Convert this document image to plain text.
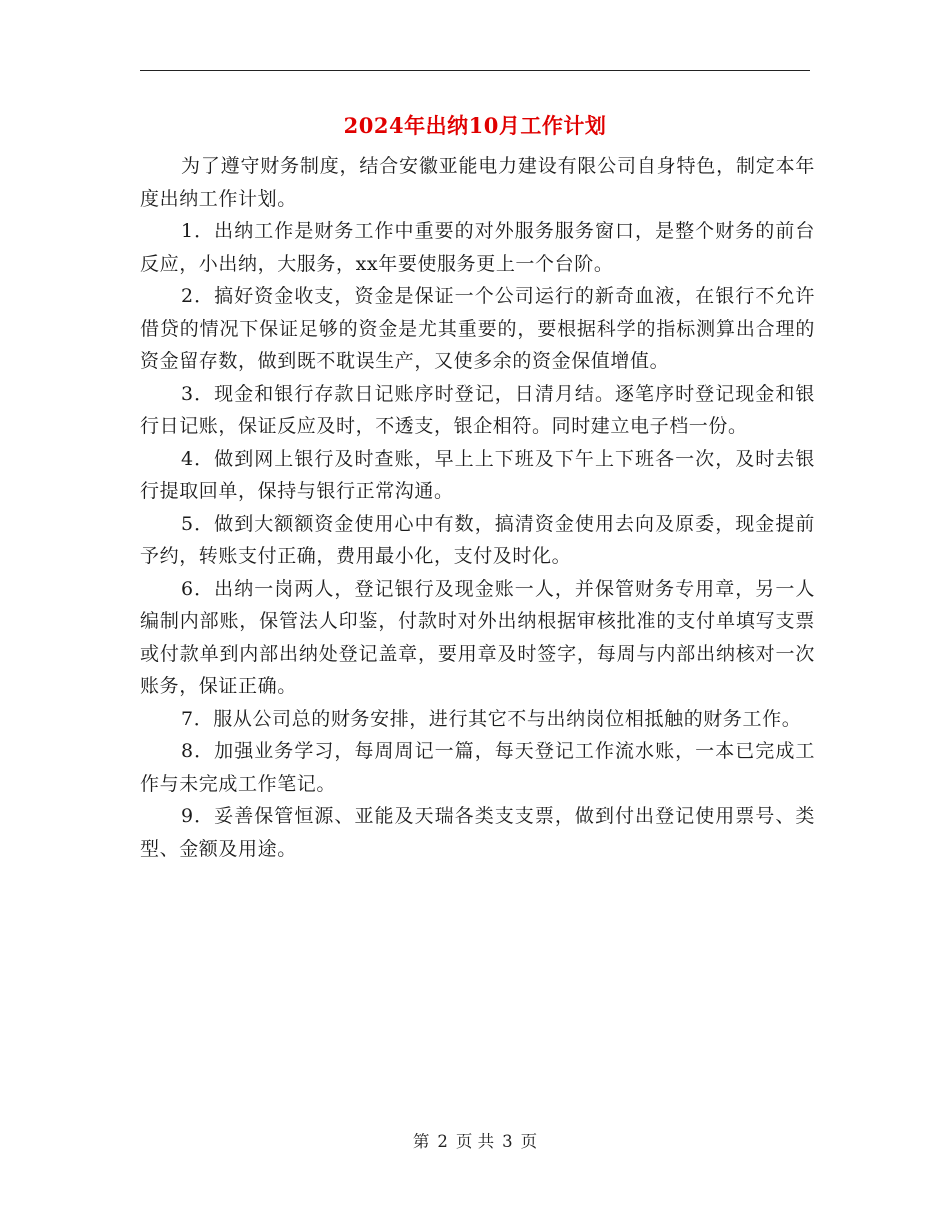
2024年出纳10月工作计划

为了遵守财务制度，结合安徽亚能电力建设有限公司自身特色，制定本年度出纳工作计划。

1．出纳工作是财务工作中重要的对外服务服务窗口，是整个财务的前台反应，小出纳，大服务，xx年要使服务更上一个台阶。

2．搞好资金收支，资金是保证一个公司运行的新奇血液，在银行不允许借贷的情况下保证足够的资金是尤其重要的，要根据科学的指标测算出合理的资金留存数，做到既不耽误生产，又使多余的资金保值增值。

3．现金和银行存款日记账序时登记，日清月结。逐笔序时登记现金和银行日记账，保证反应及时，不透支，银企相符。同时建立电子档一份。

4．做到网上银行及时查账，早上上下班及下午上下班各一次，及时去银行提取回单，保持与银行正常沟通。

5．做到大额额资金使用心中有数，搞清资金使用去向及原委，现金提前予约，转账支付正确，费用最小化，支付及时化。

6．出纳一岗两人，登记银行及现金账一人，并保管财务专用章，另一人编制内部账，保管法人印鉴，付款时对外出纳根据审核批准的支付单填写支票或付款单到内部出纳处登记盖章，要用章及时签字，每周与内部出纳核对一次账务，保证正确。

7．服从公司总的财务安排，进行其它不与出纳岗位相抵触的财务工作。

8．加强业务学习，每周周记一篇，每天登记工作流水账，一本已完成工作与未完成工作笔记。

9．妥善保管恒源、亚能及天瑞各类支支票，做到付出登记使用票号、类型、金额及用途。

第 2 页 共 3 页
